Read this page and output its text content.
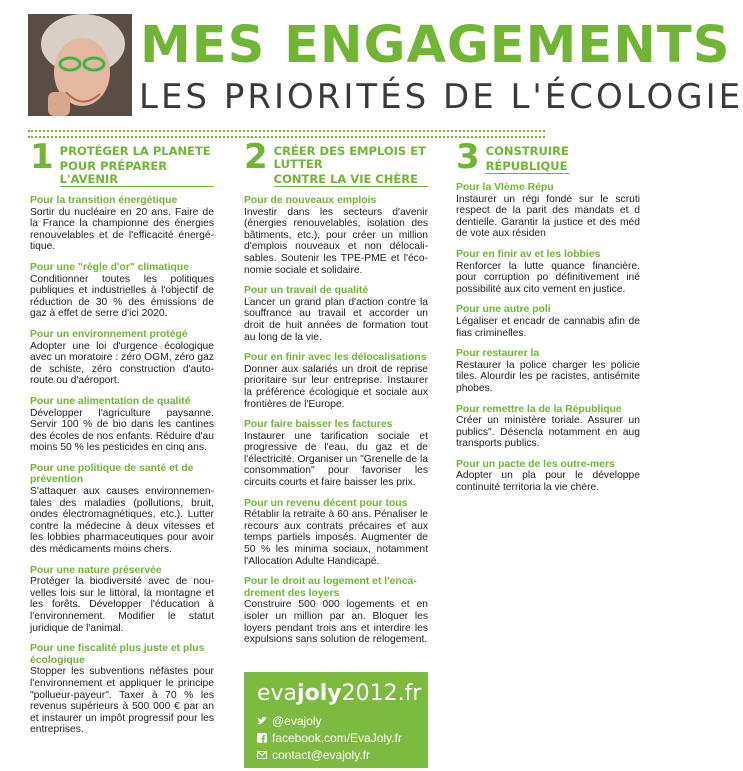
MES ENGAGEMENTS
LES PRIORITÉS DE L'ÉCOLOGIE
1 PROTÉGER LA PLANETE
POUR PRÉPARER L'AVENIR
Pour la transition énergétique

Sortir du nucléaire en 20 ans. Faire de la France la championne des énergies renouvelables et de l'efficacité énergétique.

Pour une "règle d'or" climatique

Conditionner toutes les politiques publiques et industrielles à l'objectif de réduction de 30 % des émissions de gaz à effet de serre d'ici 2020.

Pour un environnement protégé

Adopter une loi d'urgence écologique avec un moratoire : zéro OGM, zéro gaz de schiste, zéro construction d'autoroute ou d'aéroport.

Pour une alimentation de qualité

Développer l'agriculture paysanne. Servir 100 % de bio dans les cantines des écoles de nos enfants. Réduire d'au moins 50 % les pesticides en cinq ans.

Pour une politique de santé et de prévention

S'attaquer aux causes environnementales des maladies (pollutions, bruit, ondes électromagnétiques, etc.). Lutter contre la médecine à deux vitesses et les lobbies pharmaceutiques pour avoir des médicaments moins chers.

Pour une nature préservée

Protéger la biodiversité avec de nouvelles lois sur le littoral, la montagne et les forêts. Développer l'éducation à l'environnement. Modifier le statut juridique de l'animal.

Pour une fiscalité plus juste et plus écologique

Stopper les subventions néfastes pour l'environnement et appliquer le principe "pollueur-payeur". Taxer à 70 % les revenus supérieurs à 500 000 € par an et instaurer un impôt progressif pour les entreprises.

2 CRÉER DES EMPLOIS ET LUTTER
CONTRE LA VIE CHÈRE
Pour de nouveaux emplois

Investir dans les secteurs d'avenir (énergies renouvelables, isolation des bâtiments, etc.), pour créer un million d'emplois nouveaux et non délocalisables. Soutenir les TPE-PME et l'économie sociale et solidaire.

Pour un travail de qualité

Lancer un grand plan d'action contre la souffrance au travail et accorder un droit de huit années de formation tout au long de la vie.

Pour en finir avec les délocalisations

Donner aux salariés un droit de reprise prioritaire sur leur entreprise. Instaurer la préférence écologique et sociale aux frontières de l'Europe.

Pour faire baisser les factures

Instaurer une tarification sociale et progressive de l'eau, du gaz et de l'électricité. Organiser un "Grenelle de la consommation" pour favoriser les circuits courts et faire baisser les prix.

Pour un revenu décent pour tous

Rétablir la retraite à 60 ans. Pénaliser le recours aux contrats précaires et aux temps partiels imposés. Augmenter de 50 % les minima sociaux, notamment l'Allocation Adulte Handicapé.

Pour le droit au logement et l'encadrement des loyers

Construire 500 000 logements et en isoler un million par an. Bloquer les loyers pendant trois ans et interdire les expulsions sans solution de relogement.

3 CONSTRUIRE
RÉPUBLIQUE
Pour la VIème Répu

Instaurer un régi fondé sur le scruti respect de la parit des mandats et d dentielle. Garantir la justice et des méd de vote aux résiden

Pour en finir av et les lobbies

Renforcer la lutte quance financière. pour corruption po définitivement iné possibilité aux cito vement en justice.

Pour une autre poli

Légaliser et encadr de cannabis afin de fias criminelles.

Pour restaurer la

Restaurer la police charger les policie tiles. Alourdir les pe racistes, antisémite phobes.

Pour remettre la de la République

Créer un ministère toriale. Assurer un publics". Désencla notamment en aug transports publics.

Pour un pacte de les outre-mers

Adopter un pla pour le développe continuité territoria la vie chère.

evajoly2012.fr
@evajoly
facebook.com/EvaJoly.fr
contact@evajoly.fr
